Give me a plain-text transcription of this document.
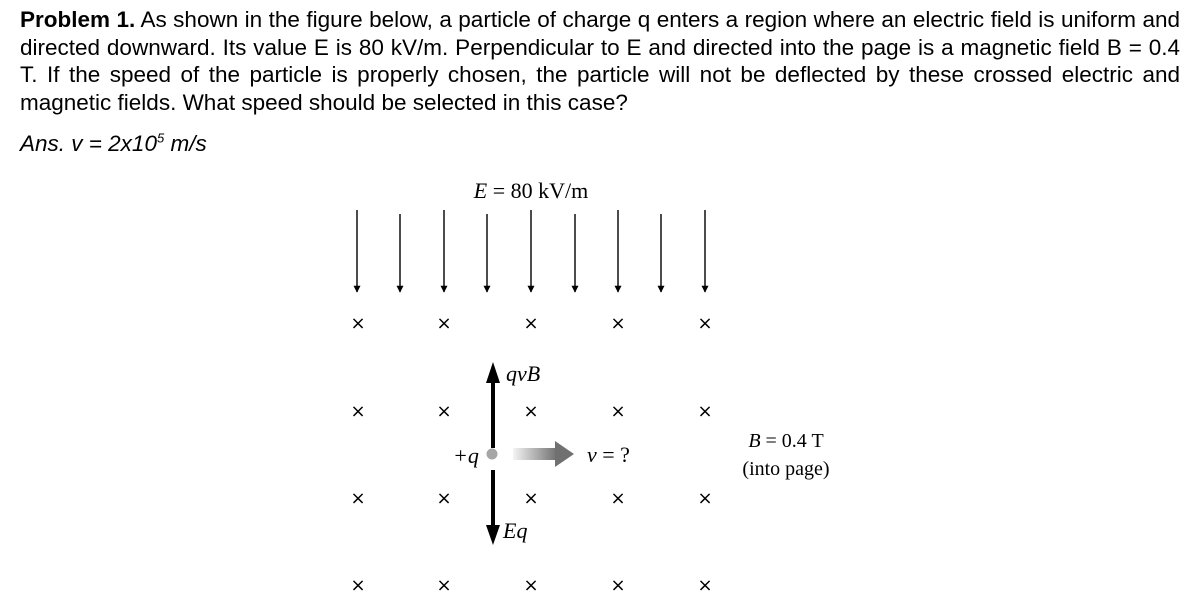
Problem 1. As shown in the figure below, a particle of charge q enters a region where an electric field is uniform and directed downward. Its value E is 80 kV/m. Perpendicular to E and directed into the page is a magnetic field B = 0.4 T. If the speed of the particle is properly chosen, the particle will not be deflected by these crossed electric and magnetic fields. What speed should be selected in this case?
Ans. $v = 2x10^5$ m/s
E = 80 kV/m
×	×	×	×	×
×	×	×	×	×
×	×	×	×	×
×	×	×	×	×
qvB
Eq
+q	v = ?
B = 0.4 T
(into page)
